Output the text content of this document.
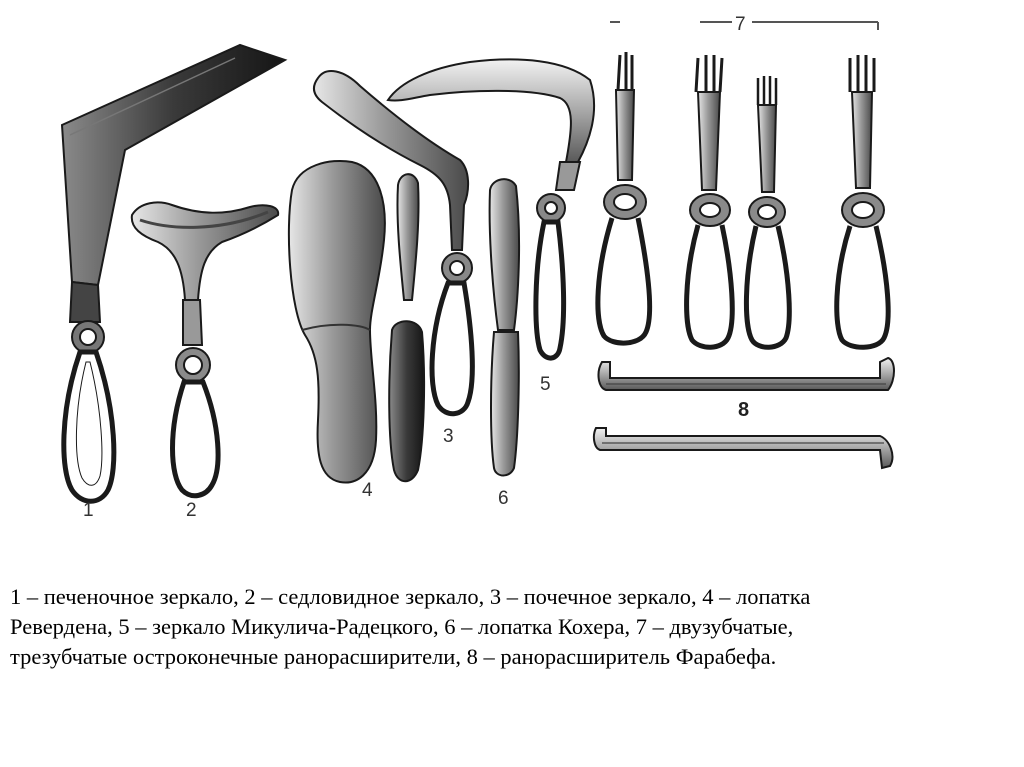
1	2
3
4
5
6
7
8

1 – печеночное зеркало, 2 – седловидное зеркало, 3 – почечное зеркало, 4 – лопатка

Ревердена, 5 – зеркало Микулича-Радецкого, 6 – лопатка Кохера, 7 – двузубчатые,

трезубчатые остроконечные ранорасширители, 8 – ранорасширитель Фарабефа.
